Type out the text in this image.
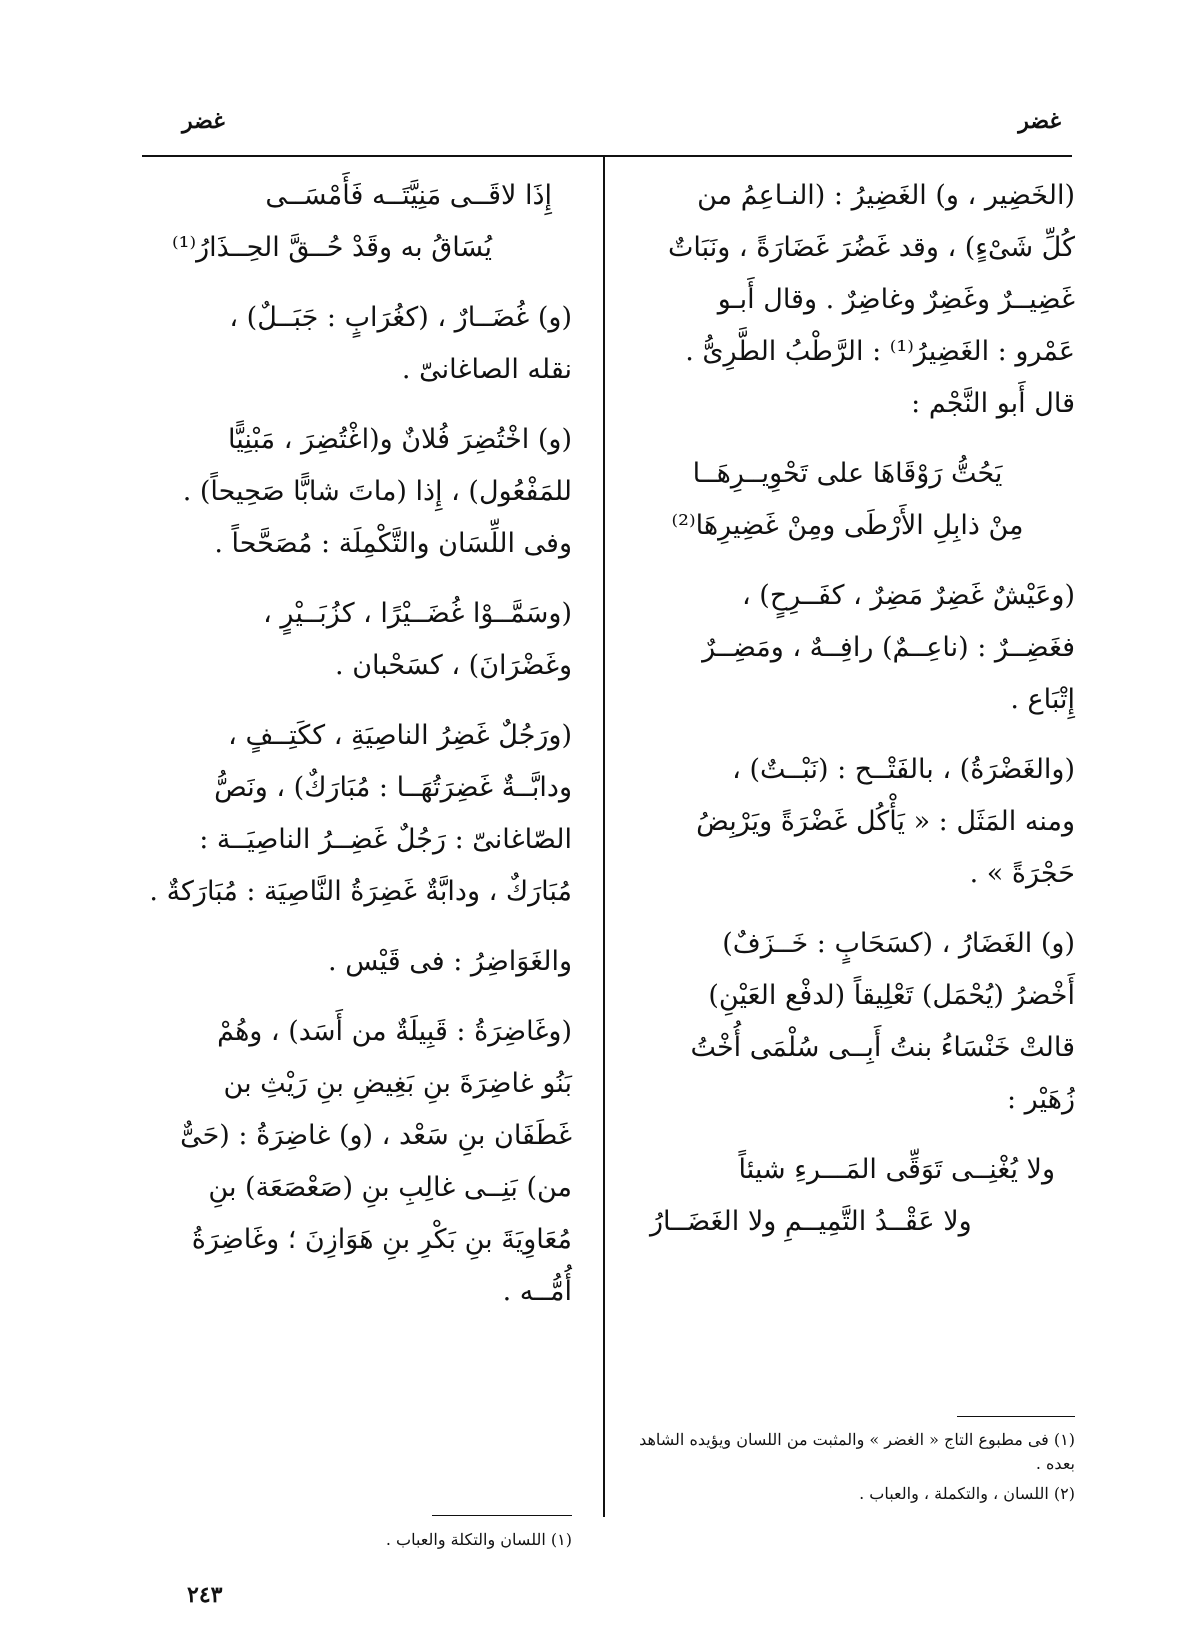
غضر
غضر

(الخَضِير ، و) الغَضِيرُ : (النـاعِمُ من
كُلِّ شَىْءٍ) ، وقد غَضُرَ غَضَارَةً ، ونَبَاتٌ
غَضِيــرٌ وغَضِرٌ وغاضِرٌ . وقال أَبـو
عَمْرو : الغَضِيرُ⁽¹⁾ : الرَّطْبُ الطَّرِىُّ .
قال أَبو النَّجْم :

يَحُتُّ رَوْقَاهَا على تَحْوِيــرِهَــا
مِنْ ذابِلِ الأَرْطَى ومِنْ غَضِيرِهَا⁽²⁾

(وعَيْشٌ غَضِرٌ مَضِرٌ ، كفَــرِحٍ) ،
فغَضِــرٌ : (ناعِــمٌ) رافِــهٌ ، ومَضِــرٌ
إِتْبَاع .

(والغَضْرَةُ) ، بالفَتْــح : (نَبْــتٌ) ،
ومنه المَثَل : « يَأْكُل غَضْرَةً ويَرْبِضُ
حَجْرَةً » .

(و) الغَضَارُ ، (كسَحَابٍ : خَــزَفٌ)
أَخْضرُ (يُحْمَل) تَعْلِيقاً (لدفْع العَيْنِ)
قالتْ خَنْسَاءُ بنتُ أَبِــى سُلْمَى أُخْتُ
زُهَيْر :

ولا يُغْنِــى تَوَقِّى المَـــرءِ شيئاً
ولا عَقْــدُ التَّمِيــمِ ولا الغَضَــارُ
إِذَا لاقَــى مَنِيَّتَــه فَأَمْسَــى
يُسَاقُ به وقَدْ حُــقَّ الحِــذَارُ⁽¹⁾

(و) غُضَــارٌ ، (كغُرَابٍ : جَبَــلٌ) ،
نقله الصاغانىّ .

(و) اخْتُضِرَ فُلانٌ و(اغْتُضِرَ ، مَبْنِيًّا
للمَفْعُول) ، إِذا (ماتَ شابًّا صَحِيحاً) .
وفى اللِّسَان والتَّكْمِلَة : مُصَحَّحاً .

(وسَمَّــوْا غُضَــيْرًا ، كزُبَــيْرٍ ،
وغَضْرَانَ) ، كسَحْبان .

(ورَجُلٌ غَضِرُ الناصِيَةِ ، ككَتِــفٍ ،
ودابَّــةٌ غَضِرَتُهَــا : مُبَارَكٌ) ، ونَصُّ
الصّاغانىّ : رَجُلٌ غَضِــرُ الناصِيَــة :
مُبَارَكٌ ، ودابَّةٌ غَضِرَةُ النَّاصِيَة : مُبَارَكةٌ .

والغَوَاضِرُ : فى قَيْس .

(وغَاضِرَةُ : قَبِيلَةٌ من أَسَد) ، وهُمْ
بَنُو غاضِرَةَ بنِ بَغِيضِ بنِ رَيْثِ بن
غَطَفَان بنِ سَعْد ، (و) غاضِرَةُ : (حَىٌّ
من) بَنِــى غالِبِ بنِ (صَعْصَعَة) بنِ
مُعَاوِيَةَ بنِ بَكْرِ بنِ هَوَازِنَ ؛ وغَاضِرَةُ
أُمُّــه .

(١) فى مطبوع التاج « الغضر » والمثبت من اللسان ويؤيده الشاهد بعده .
(٢) اللسان ، والتكملة ، والعباب .
(١) اللسان والتكلة والعباب .
٢٤٣
